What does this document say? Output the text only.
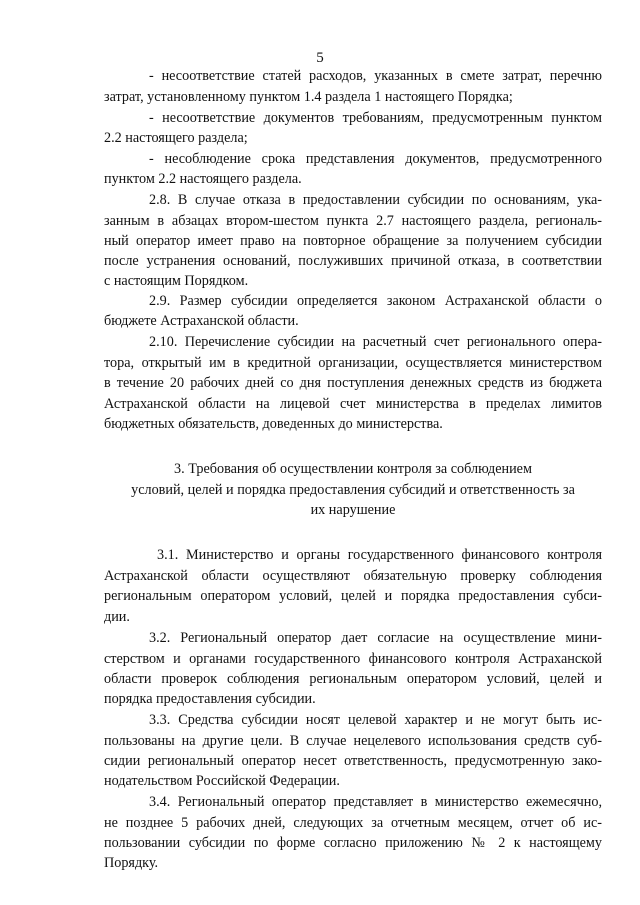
5
- несоответствие статей расходов, указанных в смете затрат, перечню
затрат, установленному пунктом 1.4 раздела 1 настоящего Порядка;
- несоответствие документов требованиям, предусмотренным пунктом
2.2 настоящего раздела;
- несоблюдение срока представления документов, предусмотренного
пунктом 2.2 настоящего раздела.
2.8. В случае отказа в предоставлении субсидии по основаниям, ука-
занным в абзацах втором-шестом пункта 2.7 настоящего раздела, региональ-
ный оператор имеет право на повторное обращение за получением субсидии
после устранения оснований, послуживших причиной отказа, в соответствии
с настоящим Порядком.
2.9. Размер субсидии определяется законом Астраханской области о
бюджете Астраханской области.
2.10. Перечисление субсидии на расчетный счет регионального опера-
тора, открытый им в кредитной организации, осуществляется министерством
в течение 20 рабочих дней со дня поступления денежных средств из бюджета
Астраханской области на лицевой счет министерства в пределах лимитов
бюджетных обязательств, доведенных до министерства.
3. Требования об осуществлении контроля за соблюдением
условий, целей и порядка предоставления субсидий и ответственность за
их нарушение
3.1. Министерство и органы государственного финансового контроля
Астраханской области осуществляют обязательную проверку соблюдения
региональным оператором условий, целей и порядка предоставления субси-
дии.
3.2. Региональный оператор дает согласие на осуществление мини-
стерством и органами государственного финансового контроля Астраханской
области проверок соблюдения региональным оператором условий, целей и
порядка предоставления субсидии.
3.3. Средства субсидии носят целевой характер и не могут быть ис-
пользованы на другие цели. В случае нецелевого использования средств суб-
сидии региональный оператор несет ответственность, предусмотренную зако-
нодательством Российской Федерации.
3.4. Региональный оператор представляет в министерство ежемесячно,
не позднее 5 рабочих дней, следующих за отчетным месяцем, отчет об ис-
пользовании субсидии по форме согласно приложению № 2 к настоящему
Порядку.
